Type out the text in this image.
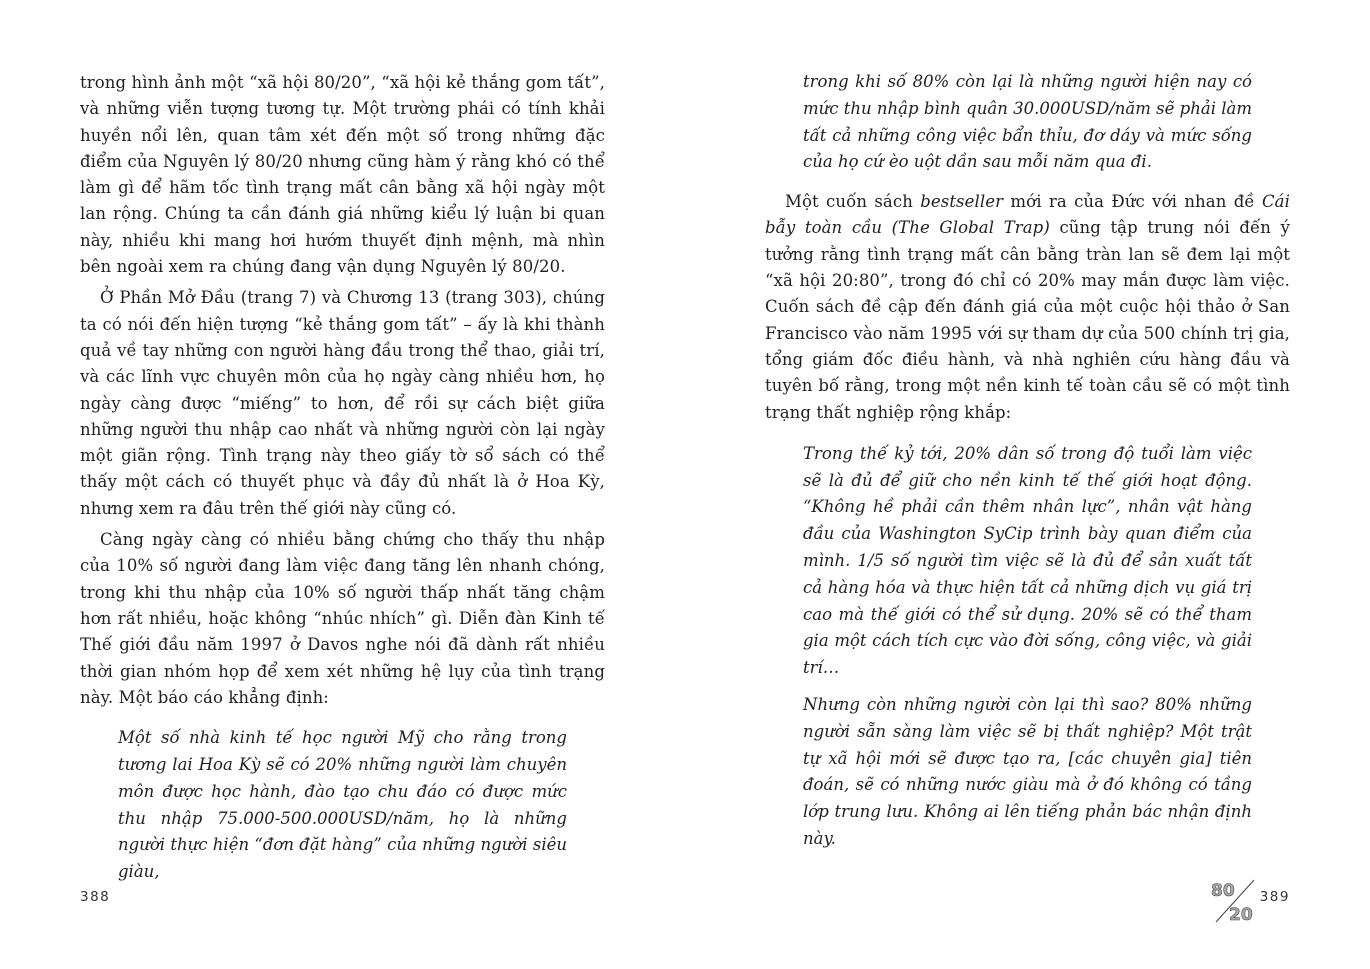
trong hình ảnh một “xã hội 80/20”, “xã hội kẻ thắng gom tất”, và những viễn tượng tương tự. Một trường phái có tính khải huyền nổi lên, quan tâm xét đến một số trong những đặc điểm của Nguyên lý 80/20 nhưng cũng hàm ý rằng khó có thể làm gì để hãm tốc tình trạng mất cân bằng xã hội ngày một lan rộng. Chúng ta cần đánh giá những kiểu lý luận bi quan này, nhiều khi mang hơi hướm thuyết định mệnh, mà nhìn bên ngoài xem ra chúng đang vận dụng Nguyên lý 80/20.

Ở Phần Mở Đầu (trang 7) và Chương 13 (trang 303), chúng ta có nói đến hiện tượng “kẻ thắng gom tất” – ấy là khi thành quả về tay những con người hàng đầu trong thể thao, giải trí, và các lĩnh vực chuyên môn của họ ngày càng nhiều hơn, họ ngày càng được “miếng” to hơn, để rồi sự cách biệt giữa những người thu nhập cao nhất và những người còn lại ngày một giãn rộng. Tình trạng này theo giấy tờ sổ sách có thể thấy một cách có thuyết phục và đầy đủ nhất là ở Hoa Kỳ, nhưng xem ra đâu trên thế giới này cũng có.

Càng ngày càng có nhiều bằng chứng cho thấy thu nhập của 10% số người đang làm việc đang tăng lên nhanh chóng, trong khi thu nhập của 10% số người thấp nhất tăng chậm hơn rất nhiều, hoặc không “nhúc nhích” gì. Diễn đàn Kinh tế Thế giới đầu năm 1997 ở Davos nghe nói đã dành rất nhiều thời gian nhóm họp để xem xét những hệ lụy của tình trạng này. Một báo cáo khẳng định:

Một số nhà kinh tế học người Mỹ cho rằng trong tương lai Hoa Kỳ sẽ có 20% những người làm chuyên môn được học hành, đào tạo chu đáo có được mức thu nhập 75.000-500.000USD/năm, họ là những người thực hiện “đơn đặt hàng” của những người siêu giàu,

388

trong khi số 80% còn lại là những người hiện nay có mức thu nhập bình quân 30.000USD/năm sẽ phải làm tất cả những công việc bẩn thỉu, đơ dáy và mức sống của họ cứ èo uột dần sau mỗi năm qua đi.

Một cuốn sách bestseller mới ra của Đức với nhan đề Cái bẫy toàn cầu (The Global Trap) cũng tập trung nói đến ý tưởng rằng tình trạng mất cân bằng tràn lan sẽ đem lại một “xã hội 20:80”, trong đó chỉ có 20% may mắn được làm việc. Cuốn sách đề cập đến đánh giá của một cuộc hội thảo ở San Francisco vào năm 1995 với sự tham dự của 500 chính trị gia, tổng giám đốc điều hành, và nhà nghiên cứu hàng đầu và tuyên bố rằng, trong một nền kinh tế toàn cầu sẽ có một tình trạng thất nghiệp rộng khắp:

Trong thế kỷ tới, 20% dân số trong độ tuổi làm việc sẽ là đủ để giữ cho nền kinh tế thế giới hoạt động. “Không hề phải cần thêm nhân lực”, nhân vật hàng đầu của Washington SyCip trình bày quan điểm của mình. 1/5 số người tìm việc sẽ là đủ để sản xuất tất cả hàng hóa và thực hiện tất cả những dịch vụ giá trị cao mà thế giới có thể sử dụng. 20% sẽ có thể tham gia một cách tích cực vào đời sống, công việc, và giải trí…

Nhưng còn những người còn lại thì sao? 80% những người sẵn sàng làm việc sẽ bị thất nghiệp? Một trật tự xã hội mới sẽ được tạo ra, [các chuyên gia] tiên đoán, sẽ có những nước giàu mà ở đó không có tầng lớp trung lưu. Không ai lên tiếng phản bác nhận định này.

80
20
389
